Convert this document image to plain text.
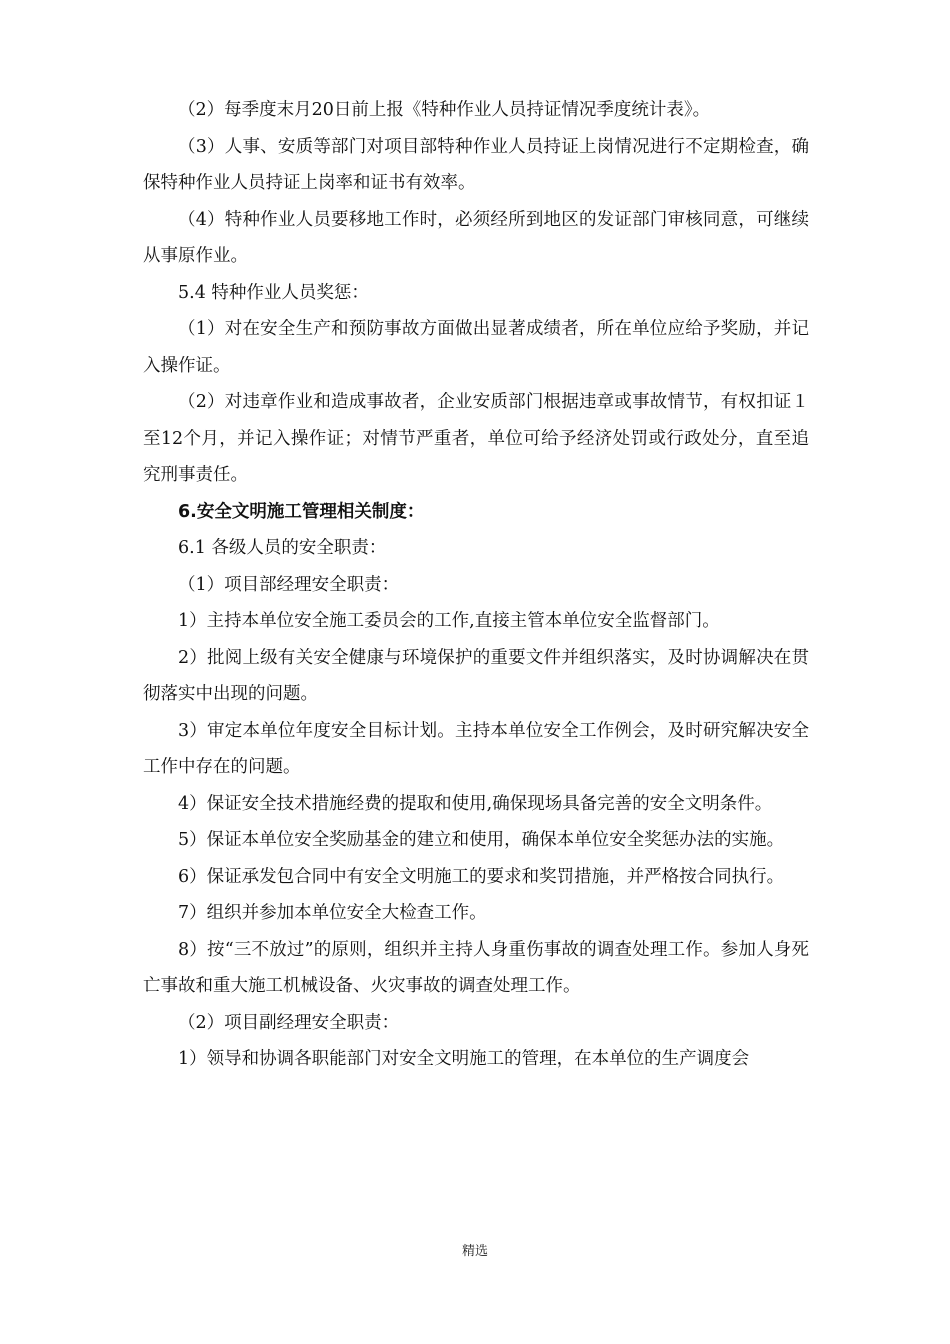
（2）每季度末月20日前上报《特种作业人员持证情况季度统计表》。

（3）人事、安质等部门对项目部特种作业人员持证上岗情况进行不定期检查，确保特种作业人员持证上岗率和证书有效率。

（4）特种作业人员要移地工作时，必须经所到地区的发证部门审核同意，可继续从事原作业。

5.4 特种作业人员奖惩：

（1）对在安全生产和预防事故方面做出显著成绩者，所在单位应给予奖励，并记入操作证。

（2）对违章作业和造成事故者，企业安质部门根据违章或事故情节，有权扣证１至12个月，并记入操作证；对情节严重者，单位可给予经济处罚或行政处分，直至追究刑事责任。

6.安全文明施工管理相关制度：

6.1 各级人员的安全职责：

（1）项目部经理安全职责：

1）主持本单位安全施工委员会的工作,直接主管本单位安全监督部门。

2）批阅上级有关安全健康与环境保护的重要文件并组织落实，及时协调解决在贯彻落实中出现的问题。

3）审定本单位年度安全目标计划。主持本单位安全工作例会，及时研究解决安全工作中存在的问题。

4）保证安全技术措施经费的提取和使用,确保现场具备完善的安全文明条件。

5）保证本单位安全奖励基金的建立和使用，确保本单位安全奖惩办法的实施。

6）保证承发包合同中有安全文明施工的要求和奖罚措施，并严格按合同执行。

7）组织并参加本单位安全大检查工作。

8）按“三不放过”的原则，组织并主持人身重伤事故的调查处理工作。参加人身死亡事故和重大施工机械设备、火灾事故的调查处理工作。

（2）项目副经理安全职责：

1）领导和协调各职能部门对安全文明施工的管理，在本单位的生产调度会

精选
